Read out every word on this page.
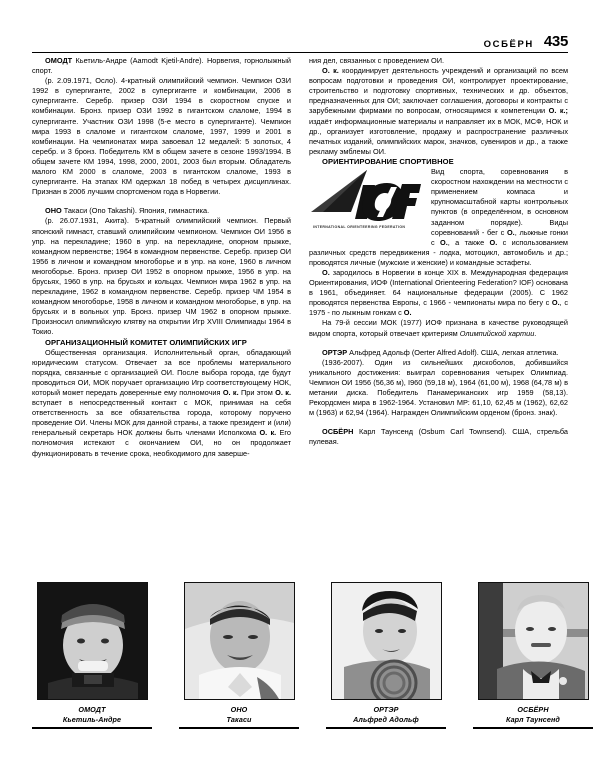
ОСБЁРН 435

ОМОДТ Кьетиль-Андре (Aamodt Kjetil-Andre). Норвегия, горнолыжный спорт.

(р. 2.09.1971, Осло). 4-кратный олимпийский чемпион. Чемпион ОЗИ 1992 в супергиганте, 2002 в супергиганте и комбинации, 2006 в супергиганте. Серебр. призер ОЗИ 1994 в скоростном спуске и комбинации. Бронз. призер ОЗИ 1992 в гигантском слаломе, 1994 в супергиганте. Участник ОЗИ 1998 (5-е место в супергиганте). Чемпион мира 1993 в слаломе и гигантском слаломе, 1997, 1999 и 2001 в комбинации. На чемпионатах мира завоевал 12 медалей: 5 золотых, 4 серебр. и 3 бронз. Победитель КМ в общем зачете в сезоне 1993/1994. В общем зачете КМ 1994, 1998, 2000, 2001, 2003 был вторым. Обладатель малого КМ 2000 в слаломе, 2003 в гигантском слаломе, 1993 в супергиганте. На этапах КМ одержал 18 побед в четырех дисциплинах. Признан в 2006 лучшим спортсменом года в Норвегии.

ОНО Такаси (Ono Takashi). Япония, гимнастика.

(р. 26.07.1931, Акита). 5-кратный олимпийский чемпион. Первый японский гимнаст, ставший олимпийским чемпионом. Чемпион ОИ 1956 в упр. на перекладине; 1960 в упр. на перекладине, опорном прыжке, командном первенстве; 1964 в командном первенстве. Серебр. призер ОИ 1956 в личном и командном многоборье и в упр. на коне, 1960 в личном многоборье. Бронз. призер ОИ 1952 в опорном прыжке, 1956 в упр. на брусьях, 1960 в упр. на брусьях и кольцах. Чемпион мира 1962 в упр. на перекладине, 1962 в командном первенстве. Серебр. призер ЧМ 1954 в командном многоборье, 1958 в личном и командном многоборье, в упр. на брусьях и в вольных упр. Бронз. призер ЧМ 1962 в опорном прыжке. Произносил олимпийскую клятву на открытии Игр XVIII Олимпиады 1964 в Токио.

ОРГАНИЗАЦИОННЫЙ КОМИТЕТ ОЛИМПИЙСКИХ ИГР

Общественная организация. Исполнительный орган, обладающий юридическим статусом. Отвечает за все проблемы материального порядка, связанные с организацией ОИ. После выбора города, где будут проводиться ОИ, МОК поручает организацию Игр соответствующему НОК, который может передать доверенные ему полномочия О. к. При этом О. к. вступает в непосредственный контакт с МОК, принимая на себя ответственность за все обязательства города, которому поручено проведение ОИ. Члены МОК для данной страны, а также президент и (или) генеральный секретарь НОК должны быть членами Исполкома О. к. Его полномочия истекают с окончанием ОИ, но он продолжает функционировать в течение срока, необходимого для заверше-

ния дел, связанных с проведением ОИ.

О. к. координирует деятельность учреждений и организаций по всем вопросам подготовки и проведения ОИ, контролирует проектирование, строительство и подготовку спортивных, технических и др. объектов, предназначенных для ОИ; заключает соглашения, договоры и контракты с зарубежными фирмами по вопросам, относящимся к компетенции О. к.; издаёт информационные материалы и направляет их в МОК, МСФ, НОК и др., организует изготовление, продажу и распространение различных печатных изданий, олимпийских марок, значков, сувениров и др., а также рекламу эмблемы ОИ.

ОРИЕНТИРОВАНИЕ СПОРТИВНОЕ

INTERNATIONAL ORIENTEERING FEDERATION

Вид спорта, соревнования в скоростном нахождении на местности с применением компаса и крупномасштабной карты контрольных пунктов (в определённом, в основном заданном порядке). Виды соревнований - бег с О., лыжные гонки с О., а также О. с использованием различных средств передвижения - лодка, мотоцикл, автомобиль и др.; проводятся личные (мужские и женские) и командные эстафеты.

О. зародилось в Норвегии в конце XIX в. Международная федерация Ориентирования, ИОФ (International Orienteering Federation? IOF) основана в 1961, объединяет. 64 национальные федерации (2005). С 1962 проводятся первенства Европы, с 1966 - чемпионаты мира по бегу с О., с 1975 - по лыжным гонкам с О.

На 79-й сессии МОК (1977) ИОФ признана в качестве руководящей видом спорта, который отвечает критериям Олимпийской хартии.

ОРТЭР Альфред Адольф (Oerter Alfred Adolf). США, легкая атлетика.

(1936-2007). Один из сильнейших дискоболов, добившийся уникального достижения: выиграл соревнования четырех Олимпиад. Чемпион ОИ 1956 (56,36 м), I960 (59,18 м), 1964 (61,00 м), 1968 (64,78 м) в метании диска. Победитель Панамериканских игр 1959 (58,13). Рекордсмен мира в 1962-1964. Установил МР: 61,10, 62,45 м (1962), 62,62 м (1963) и 62,94 (1964). Награжден Олимпийским орденом (бронз. знак).

ОСБЁРН Карл Таунсенд (Osbum Carl Townsend). США, стрельба пулевая.

ОМОДТ
Кьетиль-Андре
ОНО
Такаси
ОРТЭР
Альфред Адольф
ОСБЁРН
Карл Таунсенд
